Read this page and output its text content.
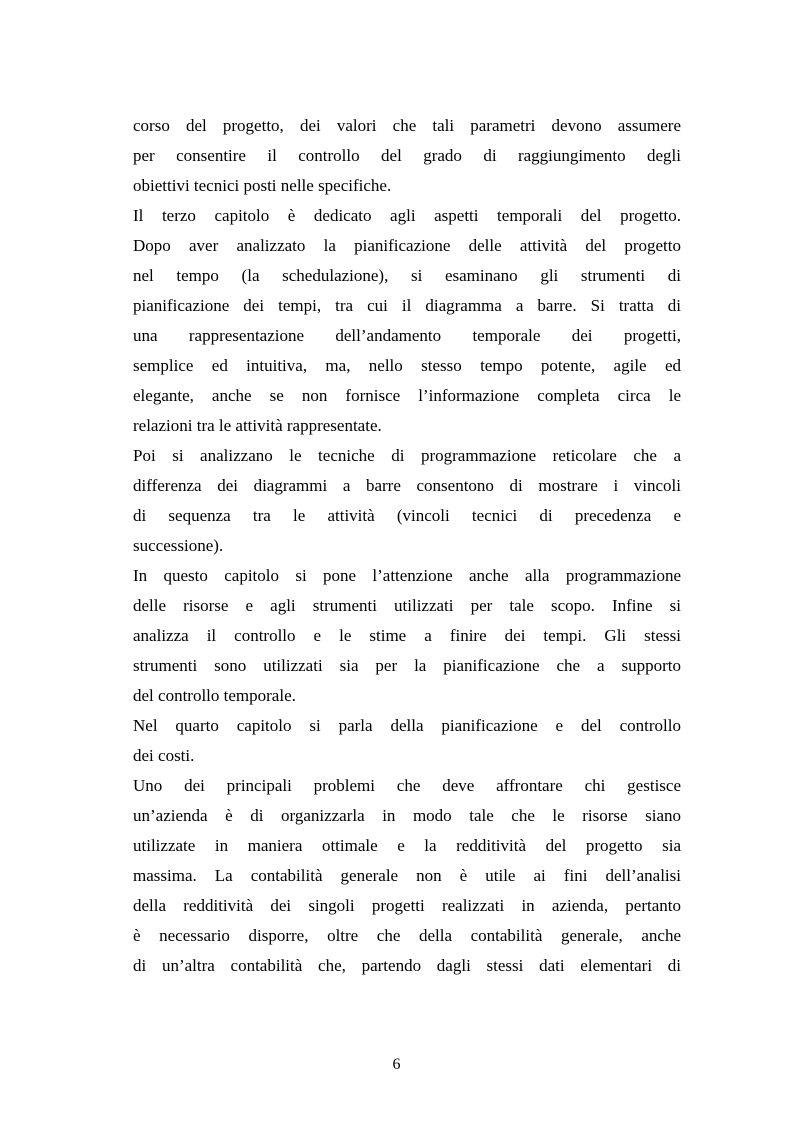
corso del progetto, dei valori che tali parametri devono assumere
per consentire il controllo del grado di raggiungimento degli
obiettivi tecnici posti nelle specifiche.
Il terzo capitolo è dedicato agli aspetti temporali del progetto.
Dopo aver analizzato la pianificazione delle attività del progetto
nel tempo (la schedulazione), si esaminano gli strumenti di
pianificazione dei tempi, tra cui il diagramma a barre. Si tratta di
una rappresentazione dell’andamento temporale dei progetti,
semplice ed intuitiva, ma, nello stesso tempo potente, agile ed
elegante, anche se non fornisce l’informazione completa circa le
relazioni tra le attività rappresentate.
Poi si analizzano le tecniche di programmazione reticolare che a
differenza dei diagrammi a barre consentono di mostrare i vincoli
di sequenza tra le attività (vincoli tecnici di precedenza e
successione).
In questo capitolo si pone l’attenzione anche alla programmazione
delle risorse e agli strumenti utilizzati per tale scopo. Infine si
analizza il controllo e le stime a finire dei tempi. Gli stessi
strumenti sono utilizzati sia per la pianificazione che a supporto
del controllo temporale.
Nel quarto capitolo si parla della pianificazione e del controllo
dei costi.
Uno dei principali problemi che deve affrontare chi gestisce
un’azienda è di organizzarla in modo tale che le risorse siano
utilizzate in maniera ottimale e la redditività del progetto sia
massima. La contabilità generale non è utile ai fini dell’analisi
della redditività dei singoli progetti realizzati in azienda, pertanto
è necessario disporre, oltre che della contabilità generale, anche
di un’altra contabilità che, partendo dagli stessi dati elementari di
6
